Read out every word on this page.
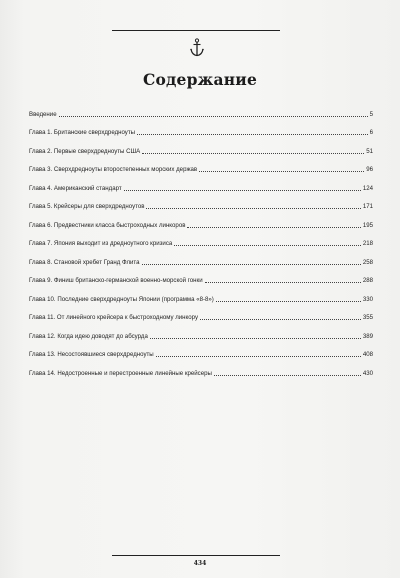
Содержание
Введение	5
Глава 1. Британские сверхдредноуты	6
Глава 2. Первые сверхдредноуты США	51
Глава 3. Сверхдредноуты второстепенных морских держав	96
Глава 4. Американский стандарт	124
Глава 5. Крейсеры для сверхдредноутов	171
Глава 6. Предвестники класса быстроходных линкоров	195
Глава 7. Япония выходит из дредноутного кризиса	218
Глава 8. Становой хребет Гранд Флита	258
Глава 9. Финиш британско-германской военно-морской гонки	288
Глава 10. Последние сверхдредноуты Японии (программа «8-8»)	330
Глава 11. От линейного крейсера к быстроходному линкору	355
Глава 12. Когда идею доводят до абсурда	389
Глава 13. Несостоявшиеся сверхдредноуты	408
Глава 14. Недостроенные и перестроенные линейные крейсеры	430
434
